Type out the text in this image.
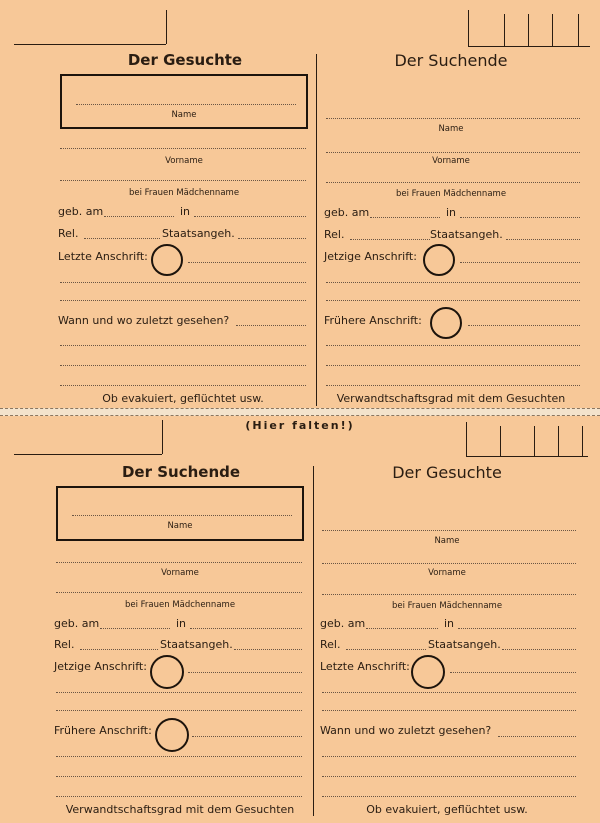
Der Gesuchte
Name
Vorname
bei Frauen Mädchenname
geb. am	in
Rel.	Staatsangeh.
Letzte Anschrift:
Wann und wo zuletzt gesehen?
Ob evakuiert, geflüchtet usw.
Der Suchende
Name
Vorname
bei Frauen Mädchenname
geb. am	in
Rel.	Staatsangeh.
Jetzige Anschrift:
Frühere Anschrift:
Verwandtschaftsgrad mit dem Gesuchten
(Hier falten!)
Der Suchende
Name
Vorname
bei Frauen Mädchenname
geb. am	in
Rel.	Staatsangeh.
Jetzige Anschrift:
Frühere Anschrift:
Verwandtschaftsgrad mit dem Gesuchten
Der Gesuchte
Name
Vorname
bei Frauen Mädchenname
geb. am	in
Rel.	Staatsangeh.
Letzte Anschrift:
Wann und wo zuletzt gesehen?
Ob evakuiert, geflüchtet usw.
